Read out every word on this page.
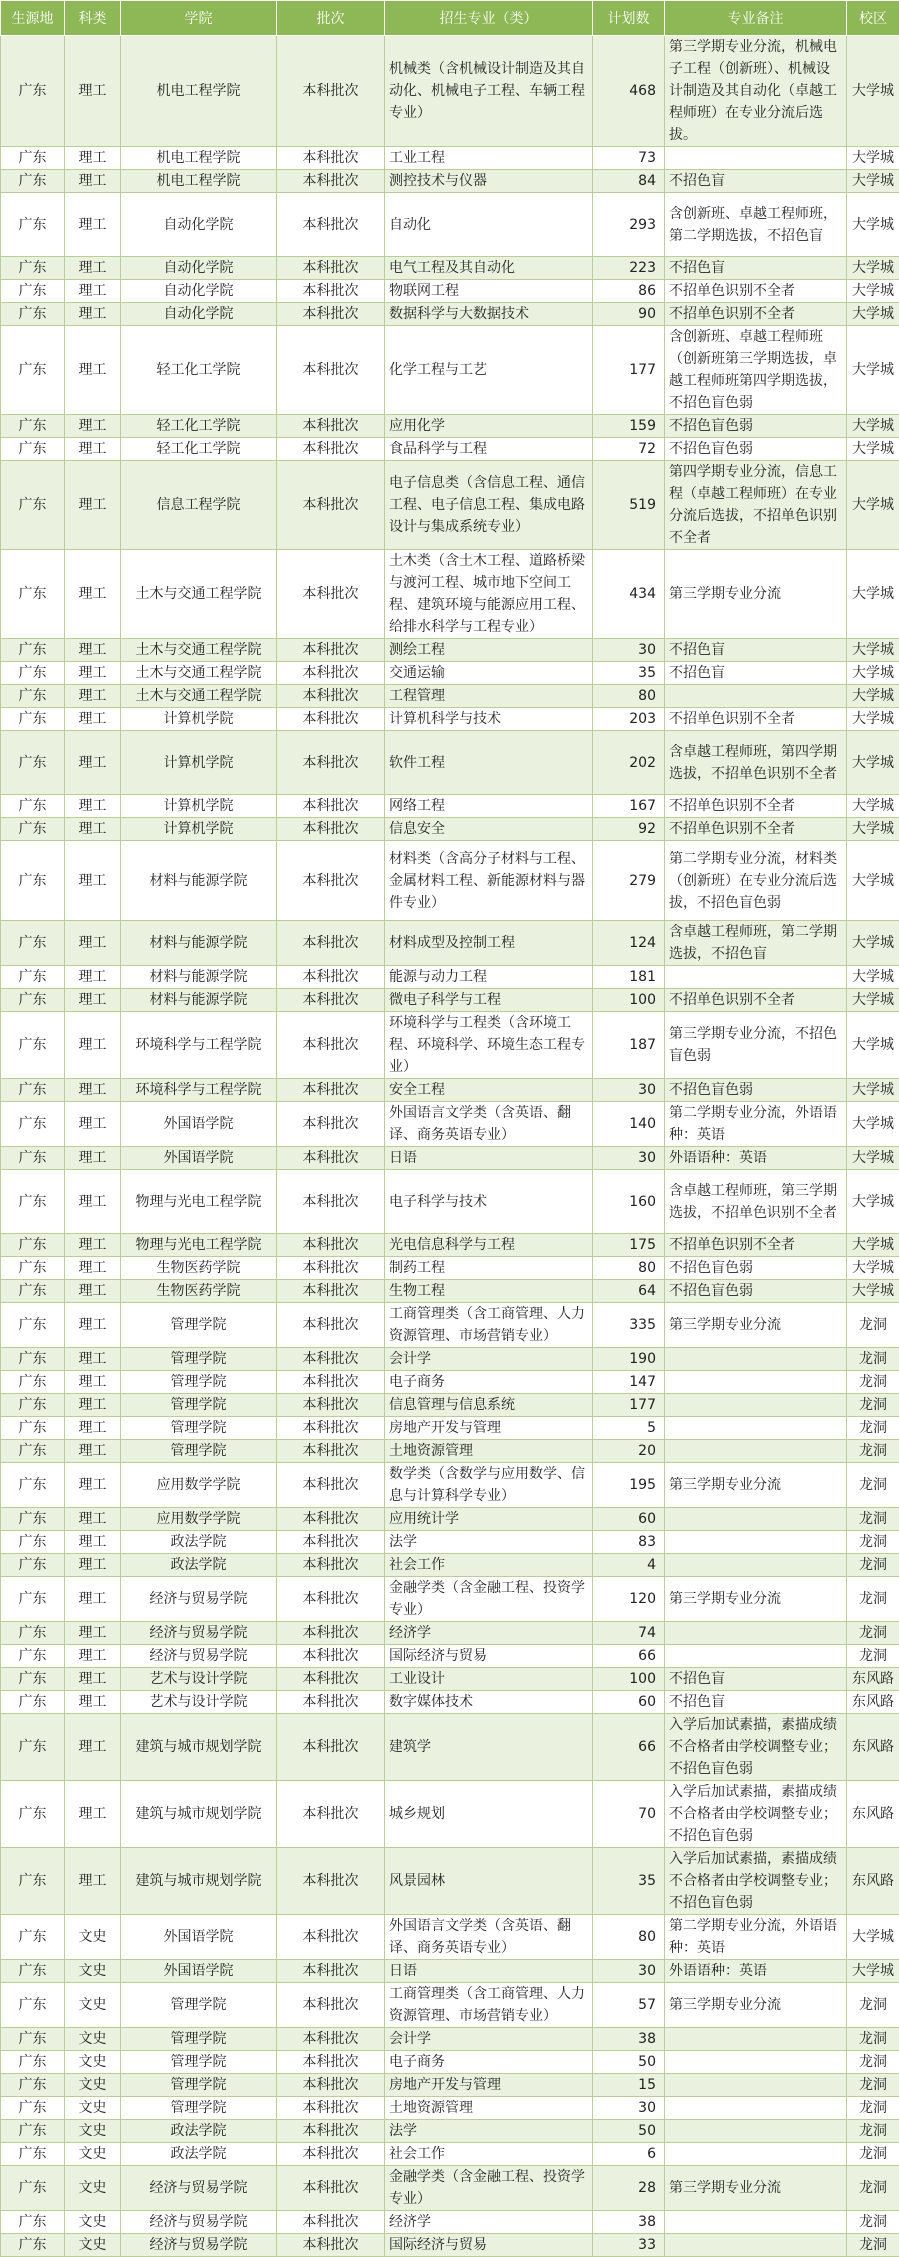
生源地	科类	学院	批次	招生专业（类）	计划数	专业备注	校区
广东	理工	机电工程学院	本科批次	机械类（含机械设计制造及其自动化、机械电子工程、车辆工程专业）	468	第三学期专业分流，机械电子工程（创新班）、机械设计制造及其自动化（卓越工程师班）在专业分流后选拔。	大学城
广东	理工	机电工程学院	本科批次	工业工程	73		大学城
广东	理工	机电工程学院	本科批次	测控技术与仪器	84	不招色盲	大学城
广东	理工	自动化学院	本科批次	自动化	293	含创新班、卓越工程师班，第二学期选拔，不招色盲	大学城
广东	理工	自动化学院	本科批次	电气工程及其自动化	223	不招色盲	大学城
广东	理工	自动化学院	本科批次	物联网工程	86	不招单色识别不全者	大学城
广东	理工	自动化学院	本科批次	数据科学与大数据技术	90	不招单色识别不全者	大学城
广东	理工	轻工化工学院	本科批次	化学工程与工艺	177	含创新班、卓越工程师班（创新班第三学期选拔，卓越工程师班第四学期选拔，不招色盲色弱	大学城
广东	理工	轻工化工学院	本科批次	应用化学	159	不招色盲色弱	大学城
广东	理工	轻工化工学院	本科批次	食品科学与工程	72	不招色盲色弱	大学城
广东	理工	信息工程学院	本科批次	电子信息类（含信息工程、通信工程、电子信息工程、集成电路设计与集成系统专业）	519	第四学期专业分流，信息工程（卓越工程师班）在专业分流后选拔，不招单色识别不全者	大学城
广东	理工	土木与交通工程学院	本科批次	土木类（含土木工程、道路桥梁与渡河工程、城市地下空间工程、建筑环境与能源应用工程、给排水科学与工程专业）	434	第三学期专业分流	大学城
广东	理工	土木与交通工程学院	本科批次	测绘工程	30	不招色盲	大学城
广东	理工	土木与交通工程学院	本科批次	交通运输	35	不招色盲	大学城
广东	理工	土木与交通工程学院	本科批次	工程管理	80		大学城
广东	理工	计算机学院	本科批次	计算机科学与技术	203	不招单色识别不全者	大学城
广东	理工	计算机学院	本科批次	软件工程	202	含卓越工程师班，第四学期选拔，不招单色识别不全者	大学城
广东	理工	计算机学院	本科批次	网络工程	167	不招单色识别不全者	大学城
广东	理工	计算机学院	本科批次	信息安全	92	不招单色识别不全者	大学城
广东	理工	材料与能源学院	本科批次	材料类（含高分子材料与工程、金属材料工程、新能源材料与器件专业）	279	第二学期专业分流，材料类（创新班）在专业分流后选拔，不招色盲色弱	大学城
广东	理工	材料与能源学院	本科批次	材料成型及控制工程	124	含卓越工程师班，第二学期选拔，不招色盲	大学城
广东	理工	材料与能源学院	本科批次	能源与动力工程	181		大学城
广东	理工	材料与能源学院	本科批次	微电子科学与工程	100	不招单色识别不全者	大学城
广东	理工	环境科学与工程学院	本科批次	环境科学与工程类（含环境工程、环境科学、环境生态工程专业）	187	第三学期专业分流，不招色盲色弱	大学城
广东	理工	环境科学与工程学院	本科批次	安全工程	30	不招色盲色弱	大学城
广东	理工	外国语学院	本科批次	外国语言文学类（含英语、翻译、商务英语专业）	140	第二学期专业分流，外语语种：英语	大学城
广东	理工	外国语学院	本科批次	日语	30	外语语种：英语	大学城
广东	理工	物理与光电工程学院	本科批次	电子科学与技术	160	含卓越工程师班，第三学期选拔，不招单色识别不全者	大学城
广东	理工	物理与光电工程学院	本科批次	光电信息科学与工程	175	不招单色识别不全者	大学城
广东	理工	生物医药学院	本科批次	制药工程	80	不招色盲色弱	大学城
广东	理工	生物医药学院	本科批次	生物工程	64	不招色盲色弱	大学城
广东	理工	管理学院	本科批次	工商管理类（含工商管理、人力资源管理、市场营销专业）	335	第三学期专业分流	龙洞
广东	理工	管理学院	本科批次	会计学	190		龙洞
广东	理工	管理学院	本科批次	电子商务	147		龙洞
广东	理工	管理学院	本科批次	信息管理与信息系统	177		龙洞
广东	理工	管理学院	本科批次	房地产开发与管理	5		龙洞
广东	理工	管理学院	本科批次	土地资源管理	20		龙洞
广东	理工	应用数学学院	本科批次	数学类（含数学与应用数学、信息与计算科学专业）	195	第三学期专业分流	龙洞
广东	理工	应用数学学院	本科批次	应用统计学	60		龙洞
广东	理工	政法学院	本科批次	法学	83		龙洞
广东	理工	政法学院	本科批次	社会工作	4		龙洞
广东	理工	经济与贸易学院	本科批次	金融学类（含金融工程、投资学专业）	120	第三学期专业分流	龙洞
广东	理工	经济与贸易学院	本科批次	经济学	74		龙洞
广东	理工	经济与贸易学院	本科批次	国际经济与贸易	66		龙洞
广东	理工	艺术与设计学院	本科批次	工业设计	100	不招色盲	东风路
广东	理工	艺术与设计学院	本科批次	数字媒体技术	60	不招色盲	东风路
广东	理工	建筑与城市规划学院	本科批次	建筑学	66	入学后加试素描，素描成绩不合格者由学校调整专业；不招色盲色弱	东风路
广东	理工	建筑与城市规划学院	本科批次	城乡规划	70	入学后加试素描，素描成绩不合格者由学校调整专业；不招色盲色弱	东风路
广东	理工	建筑与城市规划学院	本科批次	风景园林	35	入学后加试素描，素描成绩不合格者由学校调整专业；不招色盲色弱	东风路
广东	文史	外国语学院	本科批次	外国语言文学类（含英语、翻译、商务英语专业）	80	第二学期专业分流，外语语种：英语	大学城
广东	文史	外国语学院	本科批次	日语	30	外语语种：英语	大学城
广东	文史	管理学院	本科批次	工商管理类（含工商管理、人力资源管理、市场营销专业）	57	第三学期专业分流	龙洞
广东	文史	管理学院	本科批次	会计学	38		龙洞
广东	文史	管理学院	本科批次	电子商务	50		龙洞
广东	文史	管理学院	本科批次	房地产开发与管理	15		龙洞
广东	文史	管理学院	本科批次	土地资源管理	30		龙洞
广东	文史	政法学院	本科批次	法学	50		龙洞
广东	文史	政法学院	本科批次	社会工作	6		龙洞
广东	文史	经济与贸易学院	本科批次	金融学类（含金融工程、投资学专业）	28	第三学期专业分流	龙洞
广东	文史	经济与贸易学院	本科批次	经济学	38		龙洞
广东	文史	经济与贸易学院	本科批次	国际经济与贸易	33		龙洞
